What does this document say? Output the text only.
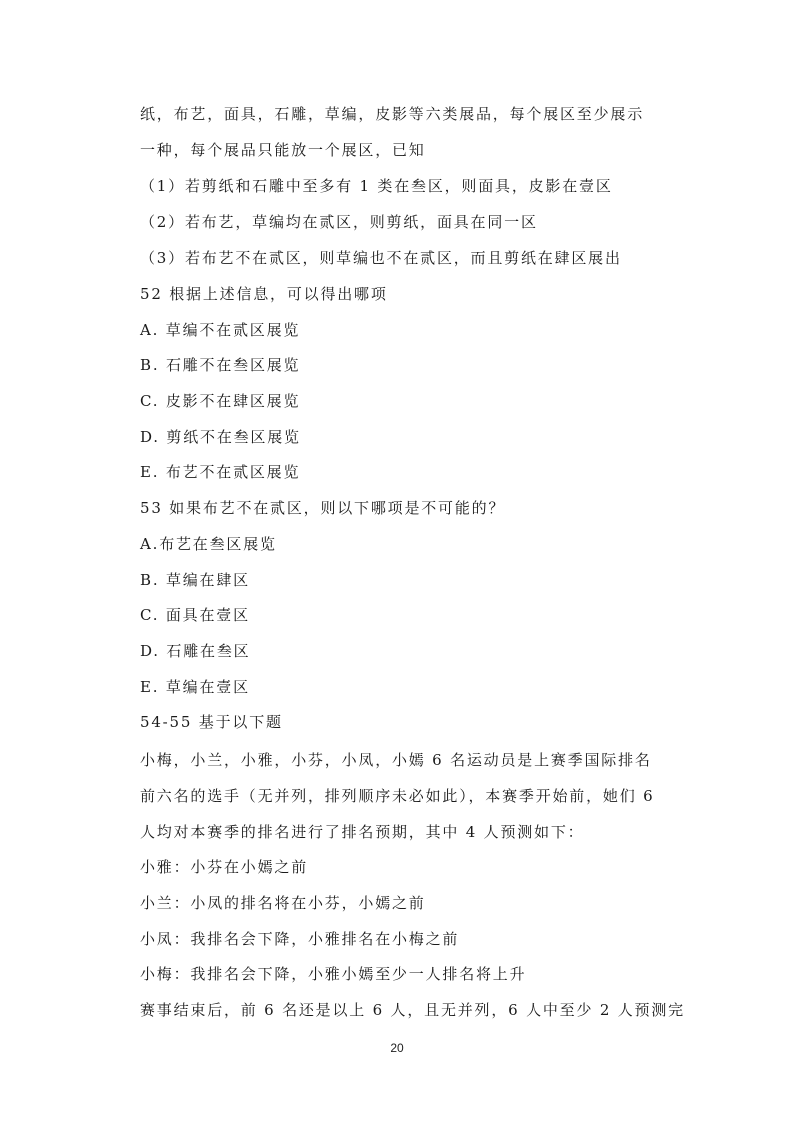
纸，布艺，面具，石雕，草编，皮影等六类展品，每个展区至少展示
一种，每个展品只能放一个展区，已知
（1）若剪纸和石雕中至多有 1 类在叁区，则面具，皮影在壹区
（2）若布艺，草编均在贰区，则剪纸，面具在同一区
（3）若布艺不在贰区，则草编也不在贰区，而且剪纸在肆区展出
52 根据上述信息，可以得出哪项
A. 草编不在贰区展览
B. 石雕不在叁区展览
C. 皮影不在肆区展览
D. 剪纸不在叁区展览
E. 布艺不在贰区展览
53 如果布艺不在贰区，则以下哪项是不可能的？
A.布艺在叁区展览
B. 草编在肆区
C. 面具在壹区
D. 石雕在叁区
E. 草编在壹区
54-55 基于以下题
小梅，小兰，小雅，小芬，小凤，小嫣 6 名运动员是上赛季国际排名
前六名的选手（无并列，排列顺序未必如此），本赛季开始前，她们 6
人均对本赛季的排名进行了排名预期，其中 4 人预测如下：
小雅：小芬在小嫣之前
小兰：小凤的排名将在小芬，小嫣之前
小凤：我排名会下降，小雅排名在小梅之前
小梅：我排名会下降，小雅小嫣至少一人排名将上升
赛事结束后，前 6 名还是以上 6 人，且无并列，6 人中至少 2 人预测完
20
